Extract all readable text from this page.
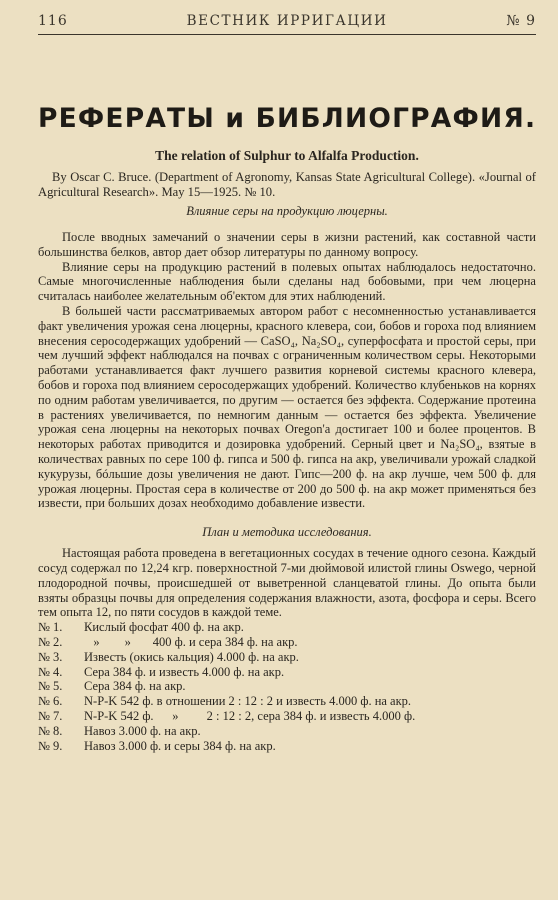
116	ВЕСТНИК ИРРИГАЦИИ	№ 9
РЕФЕРАТЫ и БИБЛИОГРАФИЯ.
The relation of Sulphur to Alfalfa Production.
By Oscar C. Bruce. (Department of Agronomy, Kansas State Agricultural College). «Journal of Agricultural Research». May 15—1925. № 10.
Влияние серы на продукцию люцерны.

После вводных замечаний о значении серы в жизни растений, как составной части большинства белков, автор дает обзор литературы по данному вопросу.

Влияние серы на продукцию растений в полевых опытах наблюдалось недостаточно. Самые многочисленные наблюдения были сделаны над бобовыми, при чем люцерна считалась наиболее желательным об'ектом для этих наблюдений.

В большей части рассматриваемых автором работ с несомненностью устанавливается факт увеличения урожая сена люцерны, красного клевера, сои, бобов и гороха под влиянием внесения серосодержащих удобрений — CaSO₄, Na₂SO₄, суперфосфата и простой серы, при чем лучший эффект наблюдался на почвах с ограниченным количеством серы. Некоторыми работами устанавливается факт лучшего развития корневой системы красного клевера, бобов и гороха под влиянием серосодержащих удобрений. Количество клубеньков на корнях по одним работам увеличивается, по другим — остается без эффекта. Содержание протеина в растениях увеличивается, по немногим данным — остается без эффекта. Увеличение урожая сена люцерны на некоторых почвах Oregon'а достигает 100 и более процентов. В некоторых работах приводится и дозировка удобрений. Серный цвет и Na₂SO₄, взятые в количествах равных по сере 100 ф. гипса и 500 ф. гипса на акр, увеличивали урожай сладкой кукурузы, бóльшие дозы увеличения не дают. Гипс—200 ф. на акр лучше, чем 500 ф. для урожая люцерны. Простая сера в количестве от 200 до 500 ф. на акр может применяться без извести, при больших дозах необходимо добавление извести.

План и методика исследования.

Настоящая работа проведена в вегетационных сосудах в течение одного сезона. Каждый сосуд содержал по 12,24 кгр. поверхностной 7-ми дюймовой илистой глины Oswego, черной плодородной почвы, происшедшей от выветренной сланцеватой глины. До опыта были взяты образцы почвы для определения содержания влажности, азота, фосфора и серы. Всего тем опыта 12, по пяти сосудов в каждой теме.

№ 1.	Кислый фосфат 400 ф. на акр.
№ 2.	»        »       400 ф. и сера 384 ф. на акр.
№ 3.	Известь (окись кальция) 4.000 ф. на акр.
№ 4.	Сера 384 ф. и известь 4.000 ф. на акр.
№ 5.	Сера 384 ф. на акр.
№ 6.	N-P-K 542 ф. в отношении 2 : 12 : 2 и известь 4.000 ф. на акр.
№ 7.	N-P-K 542 ф.      »         2 : 12 : 2, сера 384 ф. и известь 4.000 ф.
№ 8.	Навоз 3.000 ф. на акр.
№ 9.	Навоз 3.000 ф. и серы 384 ф. на акр.
